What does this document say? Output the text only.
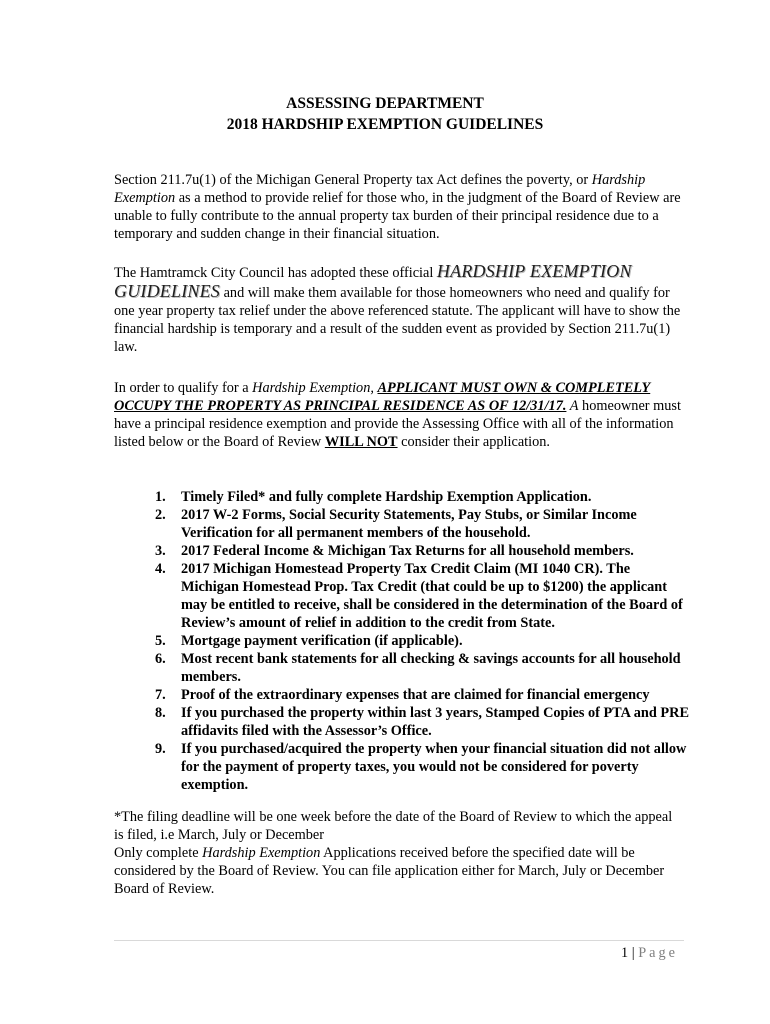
ASSESSING DEPARTMENT
2018 HARDSHIP EXEMPTION GUIDELINES

Section 211.7u(1) of the Michigan General Property tax Act defines the poverty, or Hardship Exemption as a method to provide relief for those who, in the judgment of the Board of Review are unable to fully contribute to the annual property tax burden of their principal residence due to a temporary and sudden change in their financial situation.

The Hamtramck City Council has adopted these official HARDSHIP EXEMPTION GUIDELINES and will make them available for those homeowners who need and qualify for one year property tax relief under the above referenced statute. The applicant will have to show the financial hardship is temporary and a result of the sudden event as provided by Section 211.7u(1) law.

In order to qualify for a Hardship Exemption, APPLICANT MUST OWN & COMPLETELY OCCUPY THE PROPERTY AS PRINCIPAL RESIDENCE AS OF 12/31/17. A homeowner must have a principal residence exemption and provide the Assessing Office with all of the information listed below or the Board of Review WILL NOT consider their application.

1. Timely Filed* and fully complete Hardship Exemption Application.
2. 2017 W-2 Forms, Social Security Statements, Pay Stubs, or Similar Income Verification for all permanent members of the household.
3. 2017 Federal Income & Michigan Tax Returns for all household members.
4. 2017 Michigan Homestead Property Tax Credit Claim (MI 1040 CR). The Michigan Homestead Prop. Tax Credit (that could be up to $1200) the applicant may be entitled to receive, shall be considered in the determination of the Board of Review’s amount of relief in addition to the credit from State.
5. Mortgage payment verification (if applicable).
6. Most recent bank statements for all checking & savings accounts for all household members.
7. Proof of the extraordinary expenses that are claimed for financial emergency
8. If you purchased the property within last 3 years, Stamped Copies of PTA and PRE affidavits filed with the Assessor’s Office.
9. If you purchased/acquired the property when your financial situation did not allow for the payment of property taxes, you would not be considered for poverty exemption.
*The filing deadline will be one week before the date of the Board of Review to which the appeal is filed, i.e March, July or December
Only complete Hardship Exemption Applications received before the specified date will be considered by the Board of Review. You can file application either for March, July or December Board of Review.
1 | Page
